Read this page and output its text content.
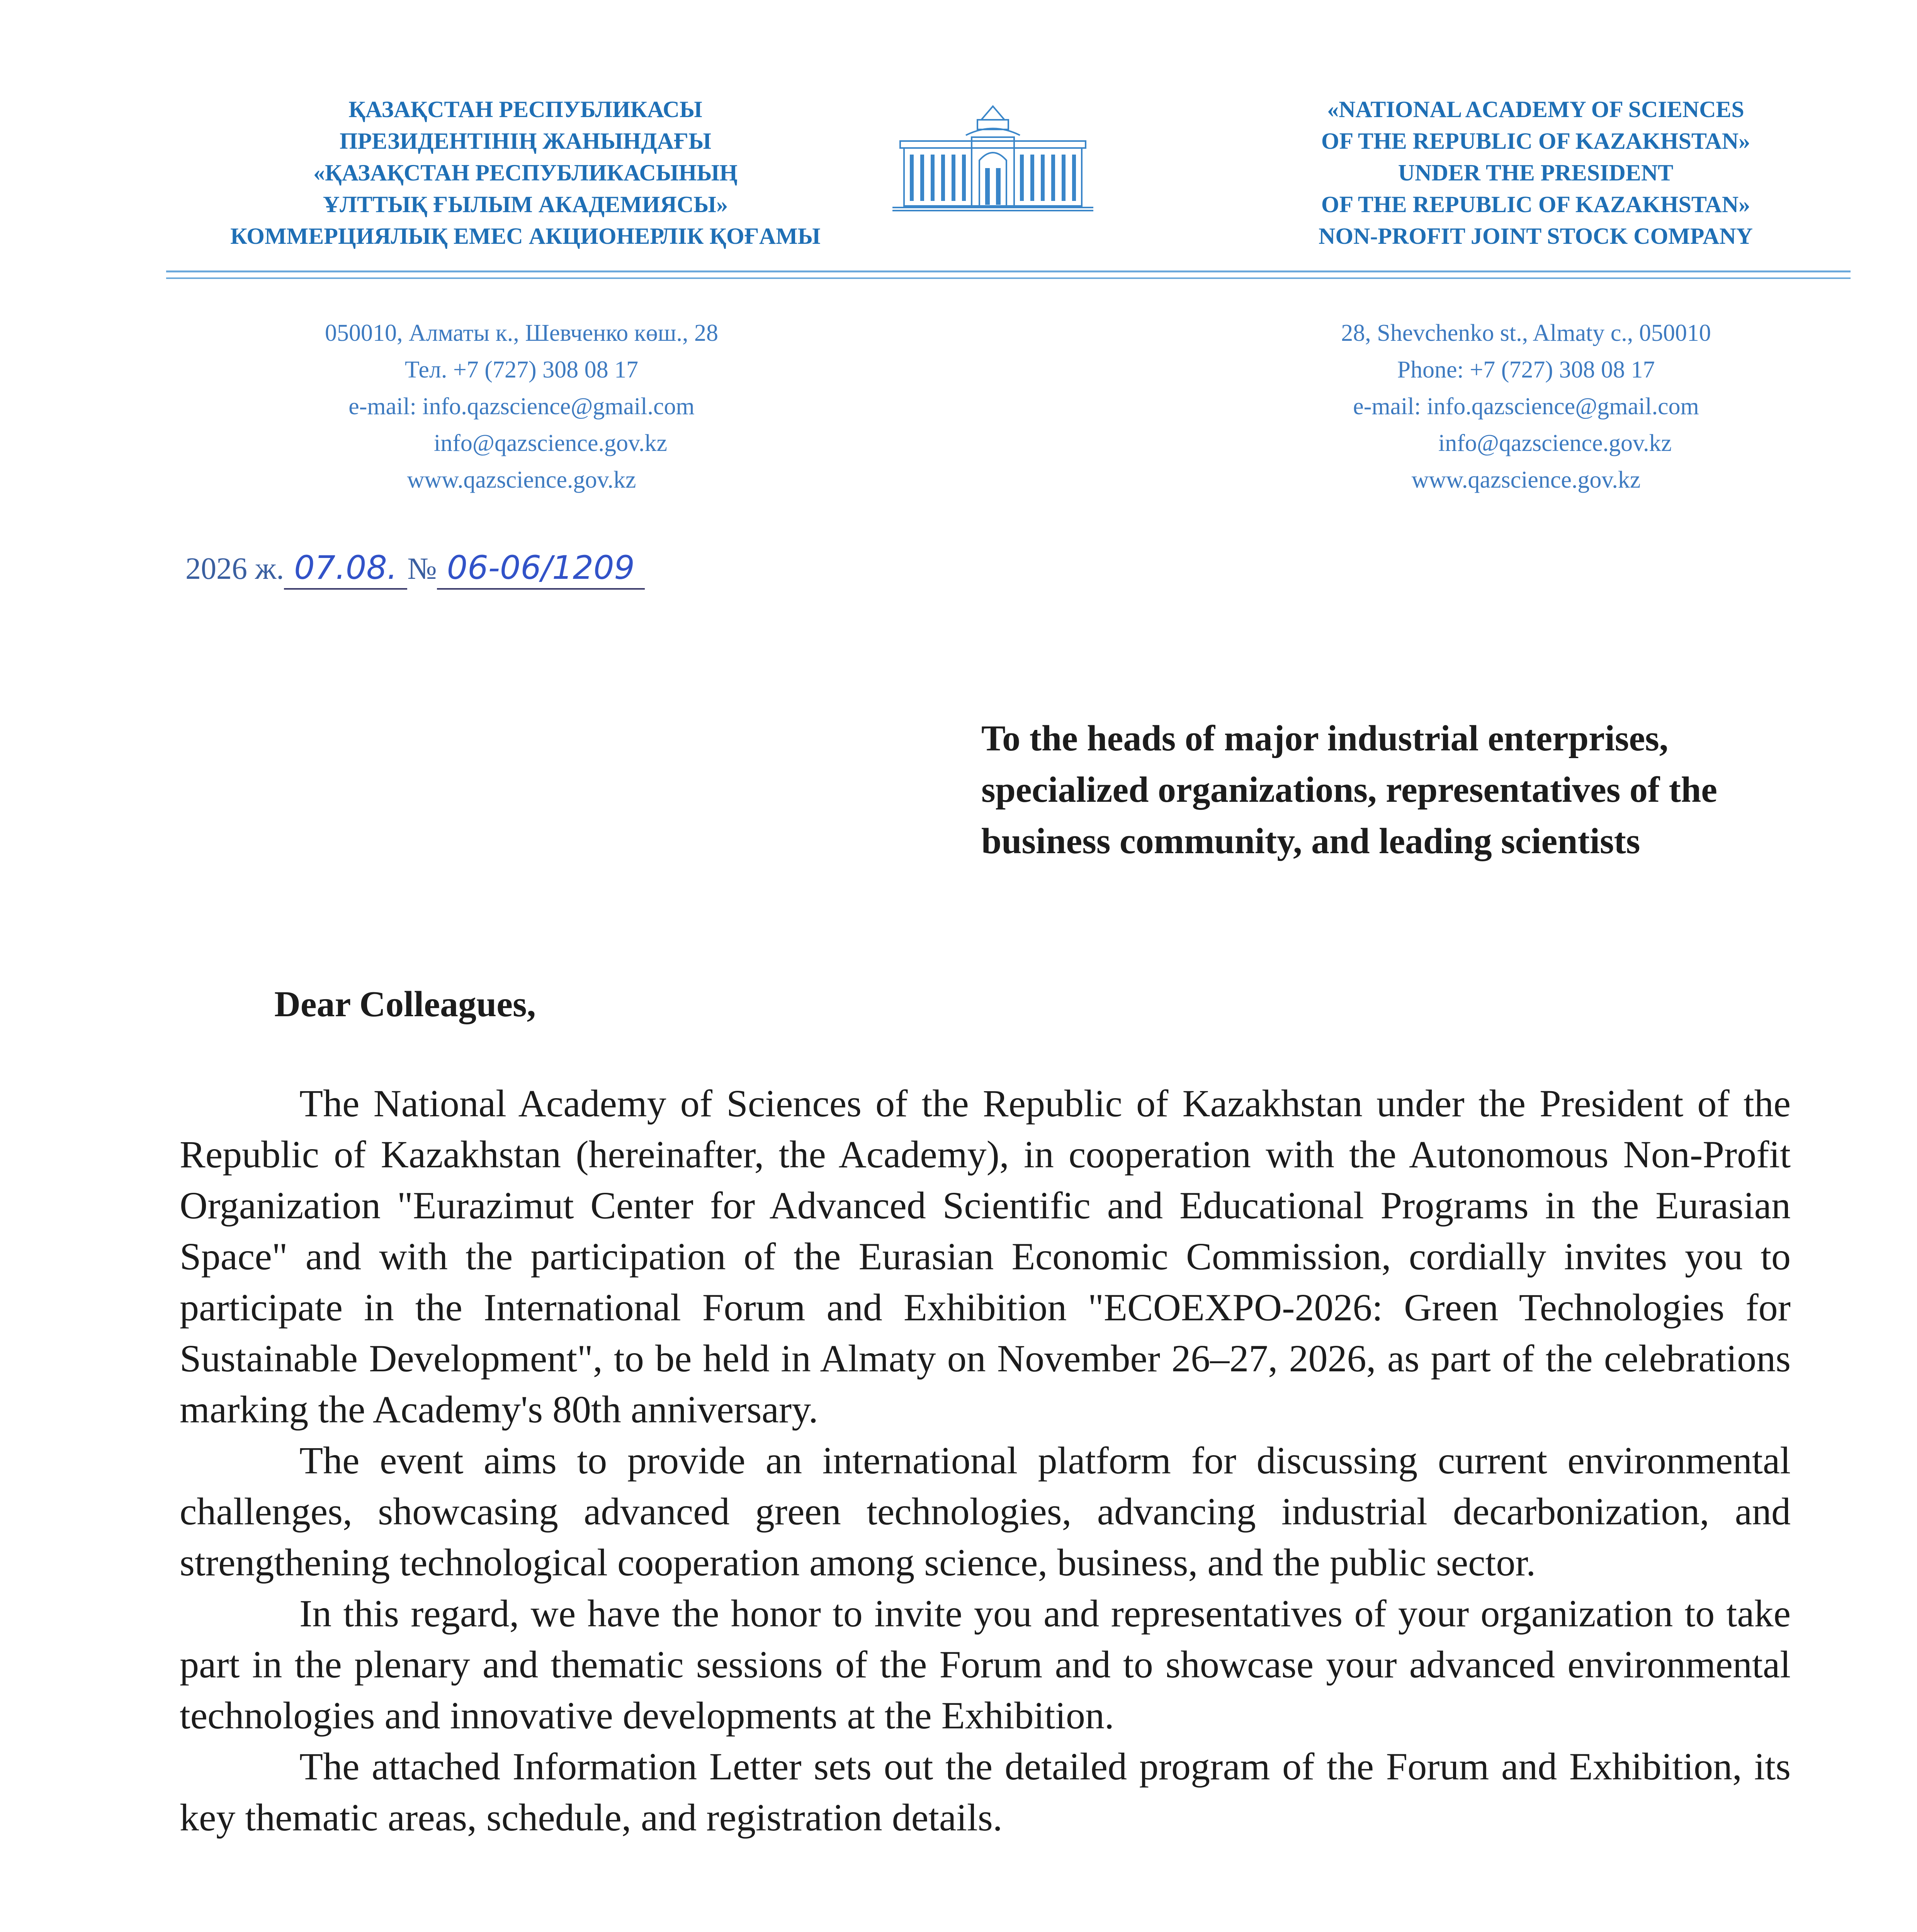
ҚАЗАҚСТАН РЕСПУБЛИКАСЫ
ПРЕЗИДЕНТІНІҢ ЖАНЫНДАҒЫ
«ҚАЗАҚСТАН РЕСПУБЛИКАСЫНЫҢ
ҰЛТТЫҚ ҒЫЛЫМ АКАДЕМИЯСЫ»
КОММЕРЦИЯЛЫҚ ЕМЕС АКЦИОНЕРЛІК ҚОҒАМЫ
«NATIONAL ACADEMY OF SCIENCES
OF THE REPUBLIC OF KAZAKHSTAN»
UNDER THE PRESIDENT
OF THE REPUBLIC OF KAZAKHSTAN»
NON-PROFIT JOINT STOCK COMPANY
050010, Алматы к., Шевченко көш., 28
Тел. +7 (727) 308 08 17
e-mail: info.qazscience@gmail.com
info@qazscience.gov.kz
www.qazscience.gov.kz
28, Shevchenko st., Almaty c., 050010
Phone: +7 (727) 308 08 17
e-mail: info.qazscience@gmail.com
info@qazscience.gov.kz
www.qazscience.gov.kz
2026 ж. 07.08. № 06-06/1209
To the heads of major industrial enterprises, specialized organizations, representatives of the business community, and leading scientists
Dear Colleagues,

The National Academy of Sciences of the Republic of Kazakhstan under the President of the Republic of Kazakhstan (hereinafter, the Academy), in cooperation with the Autonomous Non-Profit Organization "Eurazimut Center for Advanced Scientific and Educational Programs in the Eurasian Space" and with the participation of the Eurasian Economic Commission, cordially invites you to participate in the International Forum and Exhibition "ECOEXPO-2026: Green Technologies for Sustainable Development", to be held in Almaty on November 26–27, 2026, as part of the celebrations marking the Academy's 80th anniversary.

The event aims to provide an international platform for discussing current environmental challenges, showcasing advanced green technologies, advancing industrial decarbonization, and strengthening technological cooperation among science, business, and the public sector.

In this regard, we have the honor to invite you and representatives of your organization to take part in the plenary and thematic sessions of the Forum and to showcase your advanced environmental technologies and innovative developments at the Exhibition.

The attached Information Letter sets out the detailed program of the Forum and Exhibition, its key thematic areas, schedule, and registration details.
